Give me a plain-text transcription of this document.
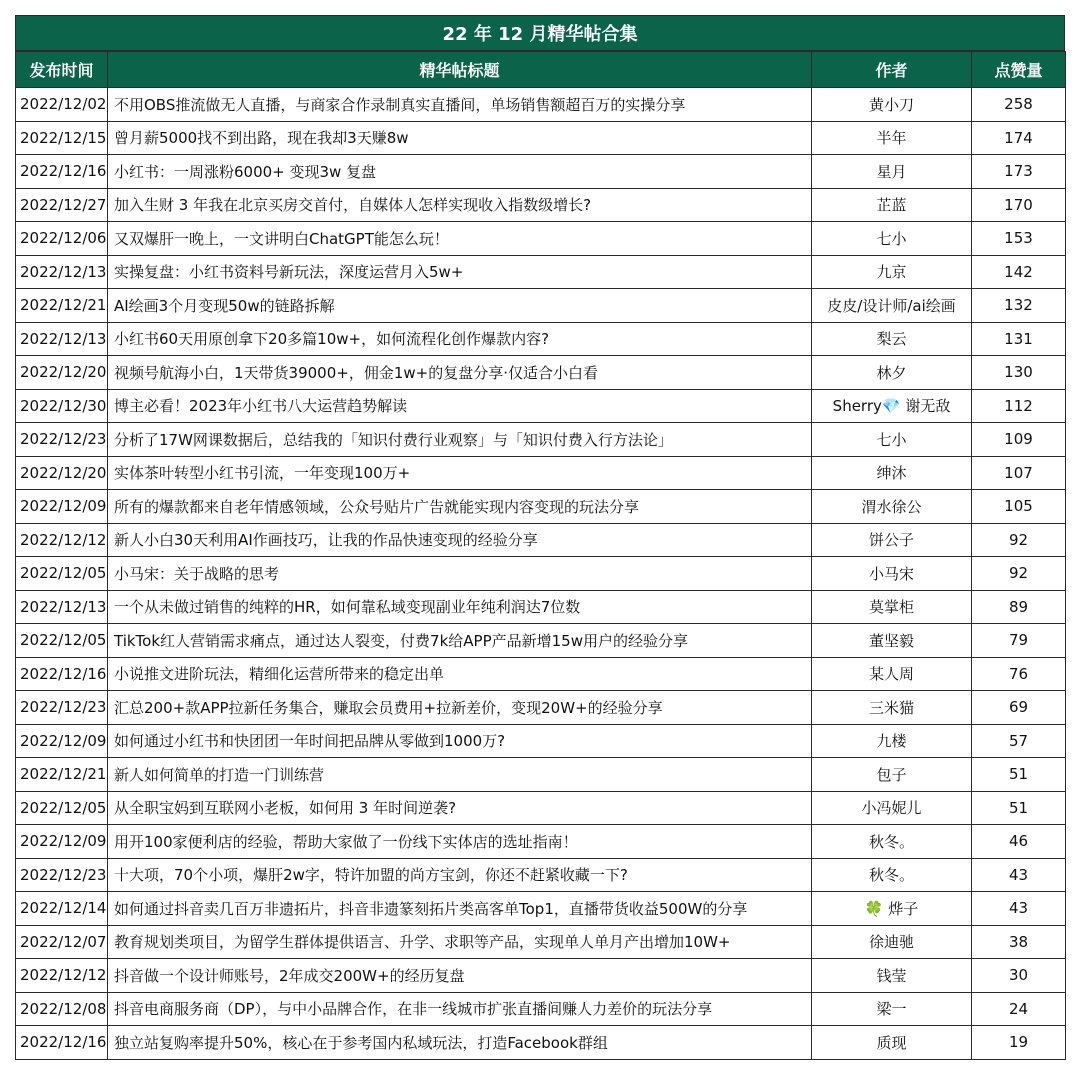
22 年 12 月精华帖合集
发布时间	精华帖标题	作者	点赞量
2022/12/02	不用OBS推流做无人直播，与商家合作录制真实直播间，单场销售额超百万的实操分享	黄小刀	258
2022/12/15	曾月薪5000找不到出路，现在我却3天赚8w	半年	174
2022/12/16	小红书：一周涨粉6000+ 变现3w 复盘	星月	173
2022/12/27	加入生财 3 年我在北京买房交首付，自媒体人怎样实现收入指数级增长?	芷蓝	170
2022/12/06	又双爆肝一晚上，一文讲明白ChatGPT能怎么玩！	七小	153
2022/12/13	实操复盘：小红书资料号新玩法，深度运营月入5w+	九京	142
2022/12/21	AI绘画3个月变现50w的链路拆解	皮皮/设计师/ai绘画	132
2022/12/13	小红书60天用原创拿下20多篇10w+，如何流程化创作爆款内容?	梨云	131
2022/12/20	视频号航海小白，1天带货39000+，佣金1w+的复盘分享·仅适合小白看	林夕	130
2022/12/30	博主必看！2023年小红书八大运营趋势解读	Sherry💎 谢无敌	112
2022/12/23	分析了17W网课数据后，总结我的「知识付费行业观察」与「知识付费入行方法论」	七小	109
2022/12/20	实体茶叶转型小红书引流，一年变现100万+	绅沐	107
2022/12/09	所有的爆款都来自老年情感领域，公众号贴片广告就能实现内容变现的玩法分享	渭水徐公	105
2022/12/12	新人小白30天利用AI作画技巧，让我的作品快速变现的经验分享	饼公子	92
2022/12/05	小马宋：关于战略的思考	小马宋	92
2022/12/13	一个从未做过销售的纯粹的HR，如何靠私域变现副业年纯利润达7位数	莫掌柜	89
2022/12/05	TikTok红人营销需求痛点，通过达人裂变，付费7k给APP产品新增15w用户的经验分享	董坚毅	79
2022/12/16	小说推文进阶玩法，精细化运营所带来的稳定出单	某人周	76
2022/12/23	汇总200+款APP拉新任务集合，赚取会员费用+拉新差价，变现20W+的经验分享	三米猫	69
2022/12/09	如何通过小红书和快团团一年时间把品牌从零做到1000万?	九楼	57
2022/12/21	新人如何简单的打造一门训练营	包子	51
2022/12/05	从全职宝妈到互联网小老板，如何用 3 年时间逆袭?	小冯妮儿	51
2022/12/09	用开100家便利店的经验，帮助大家做了一份线下实体店的选址指南！	秋冬。	46
2022/12/23	十大项，70个小项，爆肝2w字，特许加盟的尚方宝剑，你还不赶紧收藏一下?	秋冬。	43
2022/12/14	如何通过抖音卖几百万非遗拓片，抖音非遗篆刻拓片类高客单Top1，直播带货收益500W的分享	🍀 烨子	43
2022/12/07	教育规划类项目，为留学生群体提供语言、升学、求职等产品，实现单人单月产出增加10W+	徐迪驰	38
2022/12/12	抖音做一个设计师账号，2年成交200W+的经历复盘	钱莹	30
2022/12/08	抖音电商服务商（DP），与中小品牌合作，在非一线城市扩张直播间赚人力差价的玩法分享	梁一	24
2022/12/16	独立站复购率提升50%，核心在于参考国内私域玩法，打造Facebook群组	质现	19
